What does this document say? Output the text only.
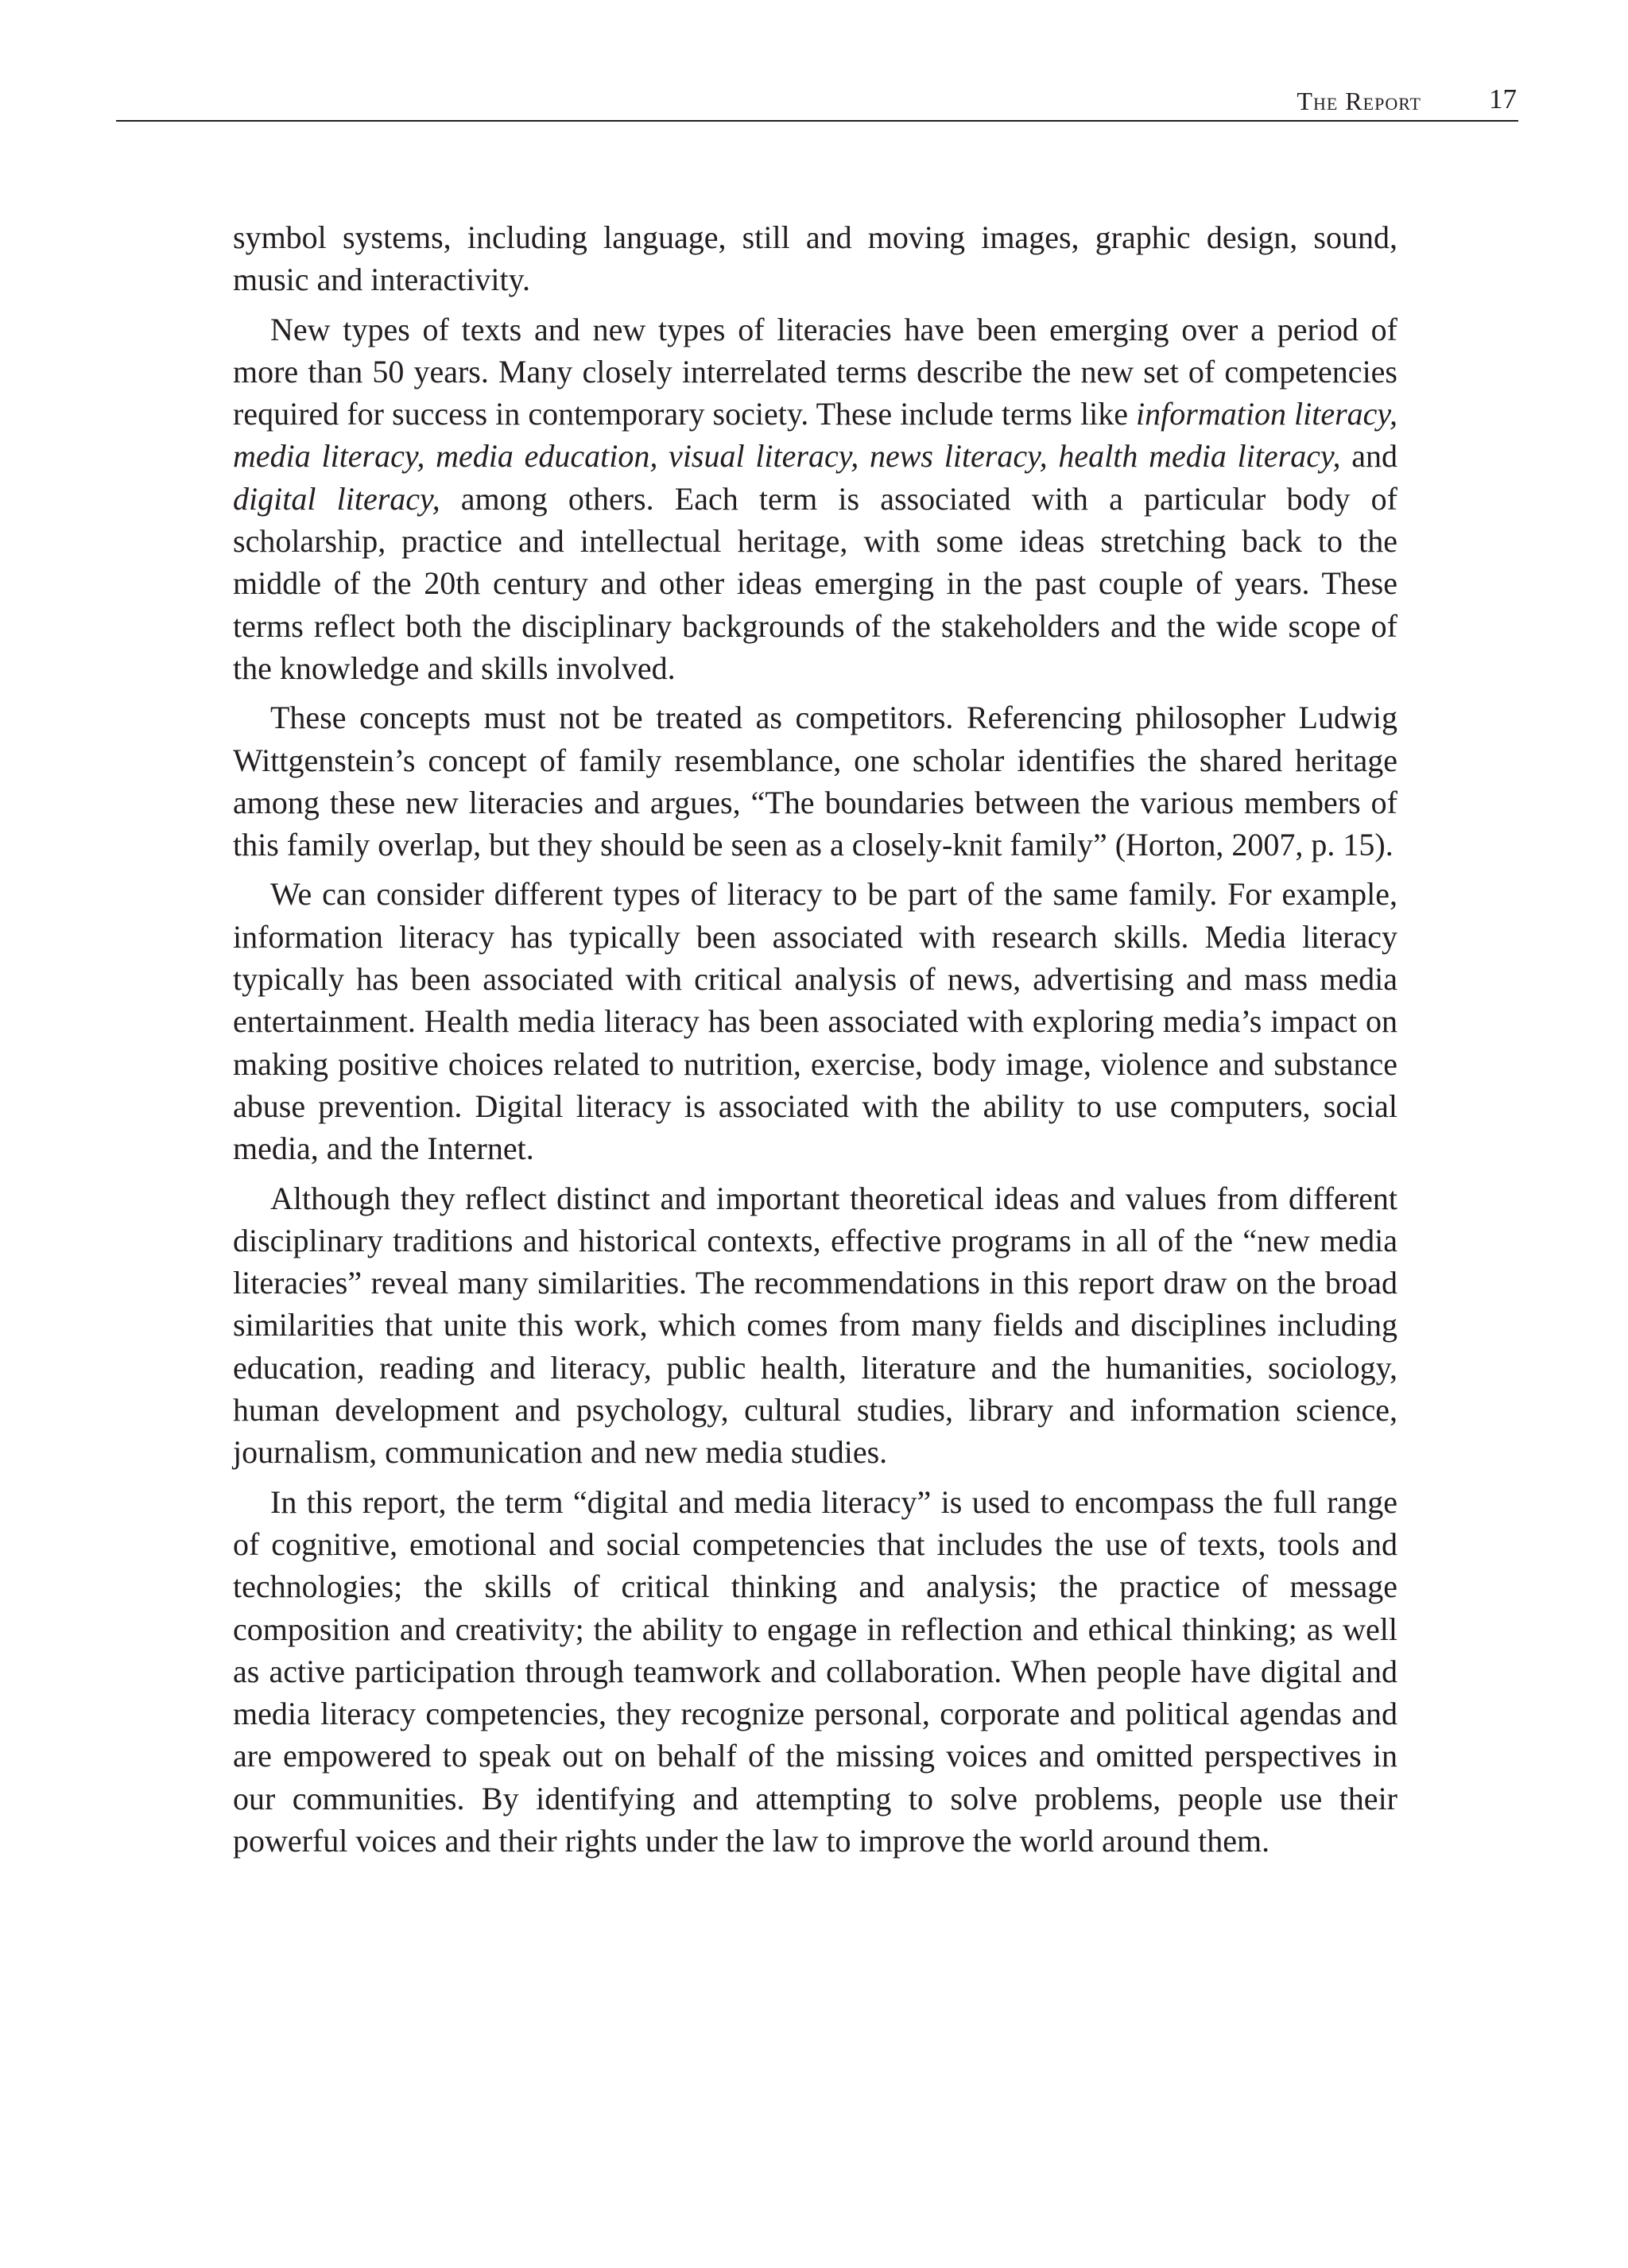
The Report 17

symbol systems, including language, still and moving images, graphic design, sound, music and interactivity.

New types of texts and new types of literacies have been emerging over a period of more than 50 years. Many closely interrelated terms describe the new set of competencies required for success in contemporary society. These include terms like information literacy, media literacy, media education, visual literacy, news literacy, health media literacy, and digital literacy, among others. Each term is associated with a particular body of scholarship, practice and intellectual heritage, with some ideas stretching back to the middle of the 20th century and other ideas emerging in the past couple of years. These terms reflect both the disciplinary backgrounds of the stakeholders and the wide scope of the knowledge and skills involved.

These concepts must not be treated as competitors. Referencing philosopher Ludwig Wittgenstein’s concept of family resemblance, one scholar identifies the shared heritage among these new literacies and argues, “The boundaries between the various members of this family overlap, but they should be seen as a closely-knit family” (Horton, 2007, p. 15).

We can consider different types of literacy to be part of the same family. For example, information literacy has typically been associated with research skills. Media literacy typically has been associated with critical analysis of news, advertising and mass media entertainment. Health media literacy has been associated with exploring media’s impact on making positive choices related to nutrition, exercise, body image, violence and substance abuse prevention. Digital literacy is associated with the ability to use computers, social media, and the Internet.

Although they reflect distinct and important theoretical ideas and values from different disciplinary traditions and historical contexts, effective programs in all of the “new media literacies” reveal many similarities. The recommendations in this report draw on the broad similarities that unite this work, which comes from many fields and disciplines including education, reading and literacy, public health, literature and the humanities, sociology, human development and psychology, cultural studies, library and information science, journalism, communication and new media studies.

In this report, the term “digital and media literacy” is used to encompass the full range of cognitive, emotional and social competencies that includes the use of texts, tools and technologies; the skills of critical thinking and analysis; the practice of message composition and creativity; the ability to engage in reflection and ethical thinking; as well as active participation through teamwork and collaboration. When people have digital and media literacy competencies, they recognize personal, corporate and political agendas and are empowered to speak out on behalf of the missing voices and omitted perspectives in our communities. By identifying and attempting to solve problems, people use their powerful voices and their rights under the law to improve the world around them.
